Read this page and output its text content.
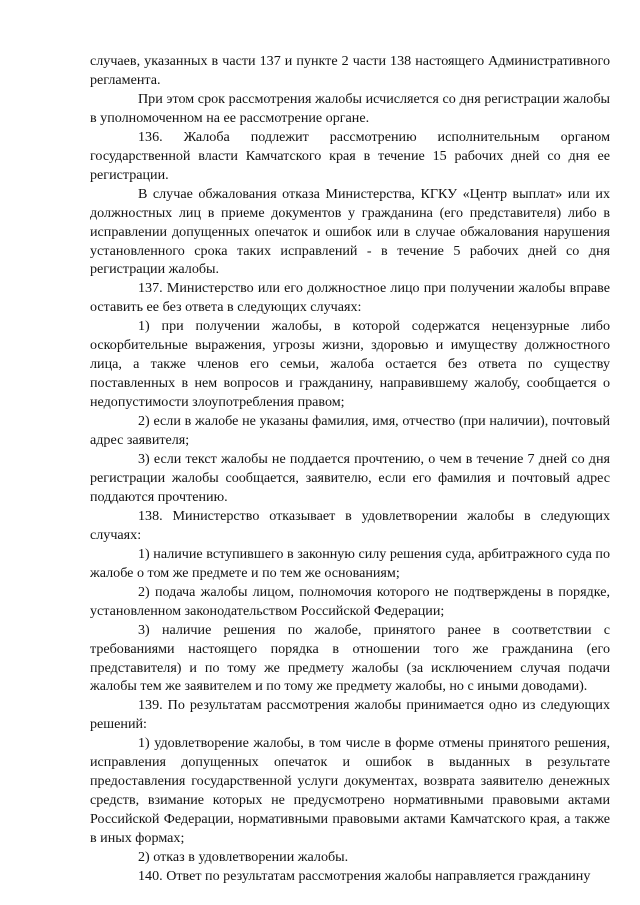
случаев, указанных в части 137 и пункте 2 части 138 настоящего Административного регламента.

При этом срок рассмотрения жалобы исчисляется со дня регистрации жалобы в уполномоченном на ее рассмотрение органе.

136. Жалоба подлежит рассмотрению исполнительным органом государственной власти Камчатского края в течение 15 рабочих дней со дня ее регистрации.

В случае обжалования отказа Министерства, КГКУ «Центр выплат» или их должностных лиц в приеме документов у гражданина (его представителя) либо в исправлении допущенных опечаток и ошибок или в случае обжалования нарушения установленного срока таких исправлений - в течение 5 рабочих дней со дня регистрации жалобы.

137. Министерство или его должностное лицо при получении жалобы вправе оставить ее без ответа в следующих случаях:

1) при получении жалобы, в которой содержатся нецензурные либо оскорбительные выражения, угрозы жизни, здоровью и имуществу должностного лица, а также членов его семьи, жалоба остается без ответа по существу поставленных в нем вопросов и гражданину, направившему жалобу, сообщается о недопустимости злоупотребления правом;

2) если в жалобе не указаны фамилия, имя, отчество (при наличии), почтовый адрес заявителя;

3) если текст жалобы не поддается прочтению, о чем в течение 7 дней со дня регистрации жалобы сообщается, заявителю, если его фамилия и почтовый адрес поддаются прочтению.

138. Министерство отказывает в удовлетворении жалобы в следующих случаях:

1) наличие вступившего в законную силу решения суда, арбитражного суда по жалобе о том же предмете и по тем же основаниям;

2) подача жалобы лицом, полномочия которого не подтверждены в порядке, установленном законодательством Российской Федерации;

3) наличие решения по жалобе, принятого ранее в соответствии с требованиями настоящего порядка в отношении того же гражданина (его представителя) и по тому же предмету жалобы (за исключением случая подачи жалобы тем же заявителем и по тому же предмету жалобы, но с иными доводами).

139. По результатам рассмотрения жалобы принимается одно из следующих решений:

1) удовлетворение жалобы, в том числе в форме отмены принятого решения, исправления допущенных опечаток и ошибок в выданных в результате предоставления государственной услуги документах, возврата заявителю денежных средств, взимание которых не предусмотрено нормативными правовыми актами Российской Федерации, нормативными правовыми актами Камчатского края, а также в иных формах;

2) отказ в удовлетворении жалобы.

140. Ответ по результатам рассмотрения жалобы направляется гражданину
